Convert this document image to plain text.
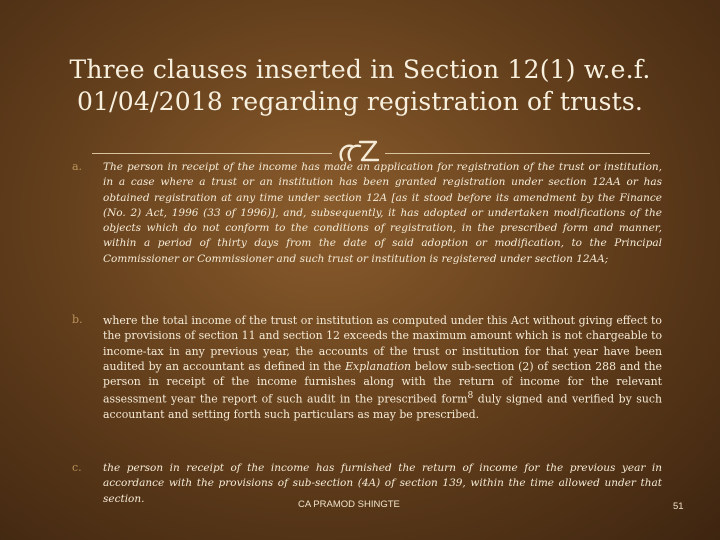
Three clauses inserted in Section 12(1) w.e.f.
01/04/2018 regarding registration of trusts.
a. The person in receipt of the income has made an application for registration of the trust or institution, in a case where a trust or an institution has been granted registration under section 12AA or has obtained registration at any time under section 12A [as it stood before its amendment by the Finance (No. 2) Act, 1996 (33 of 1996)], and, subsequently, it has adopted or undertaken modifications of the objects which do not conform to the conditions of registration, in the prescribed form and manner, within a period of thirty days from the date of said adoption or modification, to the Principal Commissioner or Commissioner and such trust or institution is registered under section 12AA;
b. where the total income of the trust or institution as computed under this Act without giving effect to the provisions of section 11 and section 12 exceeds the maximum amount which is not chargeable to income-tax in any previous year, the accounts of the trust or institution for that year have been audited by an accountant as defined in the Explanation below sub-section (2) of section 288 and the person in receipt of the income furnishes along with the return of income for the relevant assessment year the report of such audit in the prescribed form$^8$ duly signed and verified by such accountant and setting forth such particulars as may be prescribed.
c. the person in receipt of the income has furnished the return of income for the previous year in accordance with the provisions of sub-section (4A) of section 139, within the time allowed under that section.	CA PRAMOD SHINGTE	51
